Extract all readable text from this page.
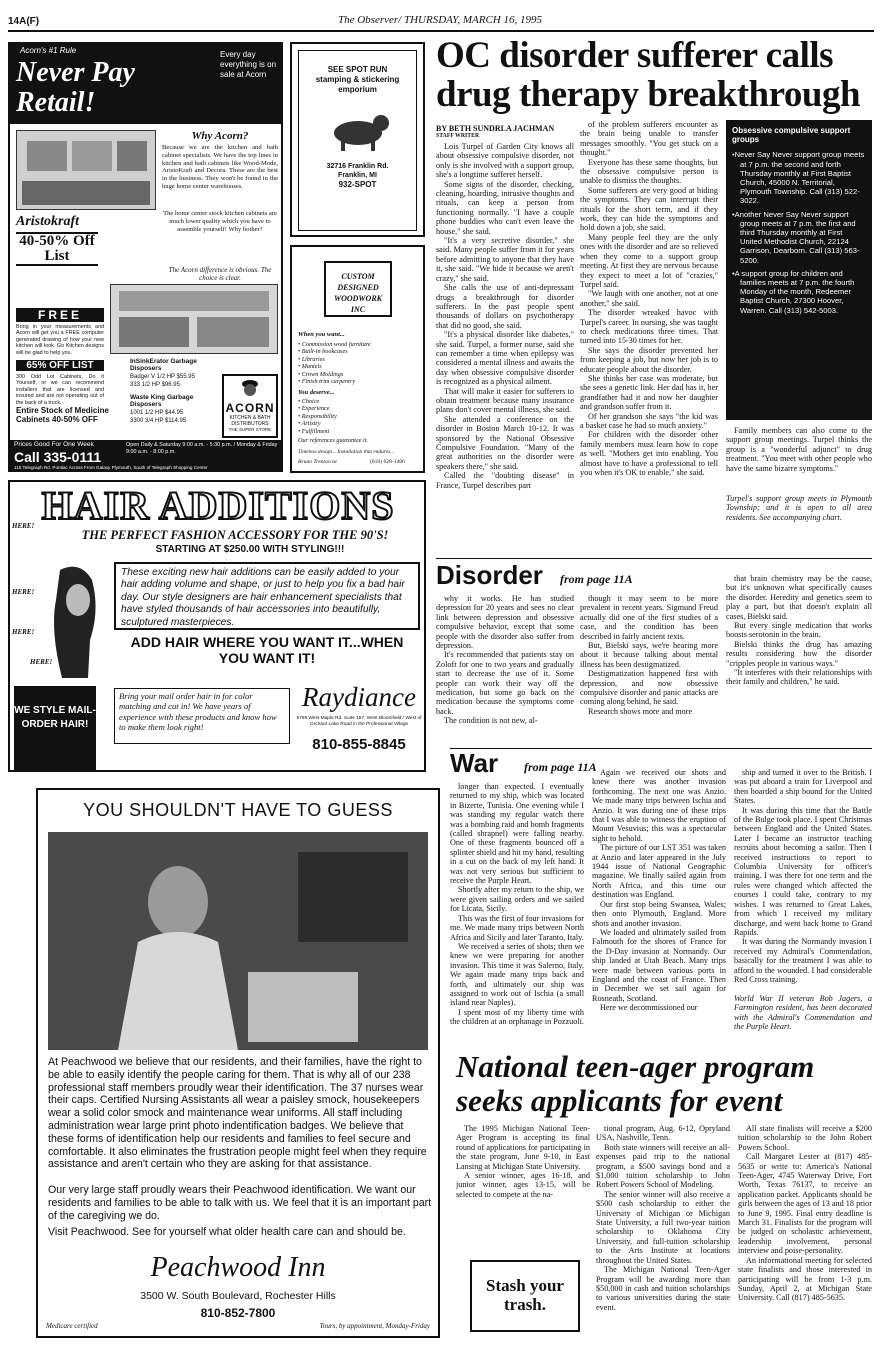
14A(F)	The Observer/ THURSDAY, MARCH 16, 1995
Acorn's #1 Rule
Never Pay Retail!
Every day everything is on sale at Acorn
Why Acorn?
Because we are the kitchen and bath cabinet specialists. We have the top lines in kitchen and bath cabinets like Wood-Mode, AristoKraft and Decora. These are the best in the business. They won't be found in the huge home center warehouses.
Aristokraft
40-50% Off List
The home center stock kitchen cabinets are much lower quality which you have to assemble yourself! Why bother?
The Acorn difference is obvious. The choice is clear.
FREE
Bring in your measurements and Acorn will get you a FREE computer generated drawing of how your new kitchen will look. Go Kitchen designs will be glad to help you.
65% OFF LIST
300 Odd Lot Cabinets, Do it Yourself, or we can recommend installers that are licensed and insured and are not operating out of the back of a truck.
Entire Stock of Medicine Cabinets 40-50% OFF
InSinkErator Garbage Disposers
Badger V 1/2 HP $55.95
333 1/2 HP $96.95
Waste King Garbage Disposers
1001 1/2 HP $44.95
3300 3/4 HP $114.95
ACORN
KITCHEN & BATH DISTRIBUTORS
THE SUPER STORE
Prices Good For One Week
Call 335-0111
Open Daily & Saturday 9:00 a.m. - 5:30 p.m. / Monday & Friday 9:00 a.m. - 8:00 p.m.
115 Telegraph Rd. Pontiac Across From Galaxy Plymouth, South of Telegraph Shopping Center
SEE SPOT RUN stamping & stickering emporium
32716 Franklin Rd. Franklin, MI
932-SPOT
CUSTOM DESIGNED WOODWORK INC
When you want...
• Commission wood furniture
• Built-in bookcases
• Libraries
• Mantels
• Crown Moldings
• Finish trim carpentry
You deserve...
• Choice
• Experience
• Responsibility
• Artistry
• Fulfillment
Our references guarantee it.
Timeless design... Installation that endures...
Bruno Trentacost	(810) 628-1406
HAIR ADDITIONS
THE PERFECT FASHION ACCESSORY FOR THE 90'S!
STARTING AT $250.00 WITH STYLING!!!
HERE!
HERE!
HERE!
HERE!
These exciting new hair additions can be easily added to your hair adding volume and shape, or just to help you fix a bad hair day. Our style designers are hair enhancement specialists that have styled thousands of hair accessories into beautifully, sculptured masterpieces.
ADD HAIR WHERE YOU WANT IT...WHEN YOU WANT IT!
WE STYLE MAIL-ORDER HAIR!
Bring your mail order hair in for color matching and cut in! We have years of experience with these products and know how to make them look right!
Raydiance
5798 West Maple Rd. Suite 157, West Bloomfield / West of Orchard Lake Road in the Professional Village
810-855-8845
YOU SHOULDN'T HAVE TO GUESS
At Peachwood we believe that our residents, and their families, have the right to be able to easily identify the people caring for them. That is why all of our 238 professional staff members proudly wear their identification. The 37 nurses wear their caps. Certified Nursing Assistants all wear a paisley smock, housekeepers wear a solid color smock and maintenance wear uniforms. All staff including administration wear large print photo indentification badges. We believe that these forms of identification help our residents and families to feel secure and comfortable. It also eliminates the frustration people might feel when they require assistance and aren't certain who they are asking for that assistance.
Our very large staff proudly wears their Peachwood identification. We want our residents and families to be able to talk with us. We feel that it is an important part of the caregiving we do.
Visit Peachwood. See for yourself what older health care can and should be.
Peachwood Inn
3500 W. South Boulevard, Rochester Hills
810-852-7800
Medicare certified	Tours, by appointment, Monday-Friday
OC disorder sufferer calls drug therapy breakthrough
BY BETH SUNDRLA JACHMAN
STAFF WRITER

Lois Turpel of Garden City knows all about obsessive compulsive disorder, not only is she involved with a support group, she's a longtime sufferer herself.

Some signs of the disorder, checking, cleaning, hoarding, intrusive thoughts and rituals, can keep a person from functioning normally. "I have a couple phone buddies who can't even leave the house," she said.

"It's a very secretive disorder," she said. Many people suffer from it for years before admitting to anyone that they have it, she said. "We hide it because we aren't crazy," she said.

She calls the use of anti-depressant drugs a breakthrough for disorder sufferers. In the past people spent thousands of dollars on psychotherapy that did no good, she said.

"It's a physical disorder like diabetes," she said. Turpel, a former nurse, said she can remember a time when epilepsy was considered a mental illness and awaits the day when obsessive compulsive disorder is recognized as a physical ailment.

That will make it easier for sufferers to obtain treatment because many insurance plans don't cover mental illness, she said.

She attended a conference on the disorder in Boston March 10-12. It was sponsored by the National Obsessive Compulsive Foundation. "Many of the great authorities on the disorder were speakers there," she said.

Called the "doubting disease" in France, Turpel describes part

of the problem sufferers encounter as the brain being unable to transfer messages smoothly. "You get stuck on a thought."

Everyone has these same thoughts, but the obsessive compulsive person is unable to dismiss the thoughts.

Some sufferers are very good at hiding the symptoms. They can interrupt their rituals for the short term, and if they work, they can hide the symptoms and hold down a job, she said.

Many people feel they are the only ones with the disorder and are so relieved when they come to a support group meeting. At first they are nervous because they expect to meet a lot of "crazies," Turpel said.

"We laugh with one another, not at one another," she said.

The disorder wreaked havoc with Turpel's career. In nursing, she was taught to check medications three times. That turned into 15-30 times for her.

She says the disorder prevented her from keeping a job, but now her job is to educate people about the disorder.

She thinks her case was moderate, but she sees a genetic link. Her dad has it, her grandfather had it and now her daughter and grandson suffer from it.

Of her grandson she says "the kid was a basket case he had so much anxiety."

For children with the disorder other family members must learn how to cope as well. "Mothers get into enabling. You almost have to have a professional to tell you when it's OK to enable," she said.

Obsessive compulsive support groups
• Never Say Never support group meets at 7 p.m. the second and forth Thursday monthly at First Baptist Church, 45000 N. Territorial, Plymouth Township. Call (313) 522-3022.
• Another Never Say Never support group meets at 7 p.m. the first and third Thursday monthly at First United Methodist Church, 22124 Garrison, Dearborn. Call (313) 563-5200.
• A support group for children and families meets at 7 p.m. the fourth Monday of the month, Redeemer Baptist Church, 27300 Hoover, Warren. Call (313) 542-5003.

Family members can also come to the support group meetings. Turpel thinks the group is a "wonderful adjunct" to drug treatment. "You meet with other people who have the same bizarre symptoms."

Turpel's support group meets in Plymouth Township; and it is open to all area residents. See accompanying chart.
Disorder from page 11A

why it works. He has studied depression for 20 years and sees no clear link between depression and obsessive compulsive behavior, except that some people with the disorder also suffer from depression.

It's recommended that patients stay on Zoloft for one to two years and gradually start to decrease the use of it. Some people can work their way off the medication, but some go back on the medication because the symptoms come back.

The condition is not new, al-

though it may seem to be more prevalent in recent years. Sigmund Freud actually did one of the first studies of a case, and the condition has been described in fairly ancient texts.

But, Bielski says, we're hearing more about it because talking about mental illness has been destigmatized.

Destigmatization happened first with depression, and now obsessive compulsive disorder and panic attacks are coming along behind, he said.

Research shows more and more

that brain chemistry may be the cause, but it's unknown what specifically causes the disorder. Heredity and genetics seem to play a part, but that doesn't explain all cases, Bielski said.

But every single medication that works boosts serotonin in the brain.

Bielski thinks the drug has amazing results considering how the disorder "cripples people in various ways."

"It interferes with their relationships with their family and children," he said.

War from page 11A

longer than expected. I eventually returned to my ship, which was located in Bizerte, Tunisia. One evening while I was standing my regular watch there was a bombing raid and bomb fragments (called shrapnel) were falling nearby. One of these fragments bounced off a splinter shield and hit my hand, resulting in a cut on the back of my left hand. It was not very serious but sufficient to receive the Purple Heart.

Shortly after my return to the ship, we were given sailing orders and we sailed for Licata, Sicily.

This was the first of four invasions for me. We made many trips between North Africa and Sicily and later Taranto, Italy.

We received a series of shots; then we knew we were preparing for another invasion. This time it was Salerno, Italy. We again made many trips back and forth, and ultimately our ship was assigned to work out of Ischia (a small island near Naples).

I spent most of my liberty time with the children at an orphanage in Pozzuoli.

Again we received our shots and knew there was another invasion forthcoming. The next one was Anzio. We made many trips between Ischia and Anzio. It was during one of these trips that I was able to witness the eruption of Mount Vesuvius; this was a spectacular sight to behold.

The picture of our LST 351 was taken at Anzio and later appeared in the July 1944 issue of National Geographic magazine. We finally sailed again from North Africa, and this time our destination was England.

Our first stop being Swansea, Wales; then onto Plymouth, England. More shots and another invasion.

We loaded and ultimately sailed from Falmouth for the shores of France for the D-Day invasion at Normandy. Our ship landed at Utah Beach. Many trips were made between various ports in England and the coast of France. Then in December we set sail again for Rosneath, Scotland.

Here we decommissioned our

ship and turned it over to the British. I was put aboard a train for Liverpool and then boarded a ship bound for the United States.

It was during this time that the Battle of the Bulge took place. I spent Christmas between England and the United States. Later I became an instructor teaching recruits about becoming a sailor. Then I received instructions to report to Columbia University for officer's training. I was there for one term and the rules were changed which affected the courses I could take, contrary to my wishes. I was returned to Great Lakes, from which I received my military discharge, and went back home to Grand Rapids.

It was during the Normandy invasion I received my Admiral's Commendation, basically for the treatment I was able to afford to the wounded. I had considerable Red Cross training.

World War II veteran Bob Jagers, a Farmington resident, has been decorated with the Admiral's Commendation and the Purple Heart.
National teen-ager program seeks applicants for event

The 1995 Michigan National Teen-Ager Program is accepting its final round of applications for participating in the state program, June 9-10, in East Lansing at Michigan State University.

A senior winner, ages 16-18, and junior winner, ages 13-15, will be selected to compete at the na-

Stash your trash.

tional program, Aug. 6-12, Opryland USA, Nashville, Tenn.

Both state winners will receive an all-expenses paid trip to the national program, a $500 savings bond and a $1,000 tuition scholarship to John Robert Powers School of Modeling.

The senior winner will also receive a $500 cash scholarship to either the University of Michigan or Michigan State University, a full two-year tuition scholarship to Oklahoma City University, and full-tuition scholarship to the Arts Institute at locations throughout the United States.

The Michigan National Teen-Ager Program will be awarding more than $50,000 in cash and tuition scholarships to various universities during the state event.

All state finalists will receive a $200 tuition scholarship to the John Robert Powers School.

Call Margaret Lester at (817) 485-5635 or write to: America's National Teen-Ager, 4745 Waterway Drive, Fort Worth, Texas 76137, to receive an application packet. Applicants should be girls between the ages of 13 and 18 prior to June 9, 1995. Final entry deadline is March 31. Finalists for the program will be judged on scholastic achievement, leadership involvement, personal interview and poise-personality.

An informational meeting for selected state finalists and those interested in participating will be from 1-3 p.m. Sunday, April 2, at Michigan State University. Call (817) 485-5635.
